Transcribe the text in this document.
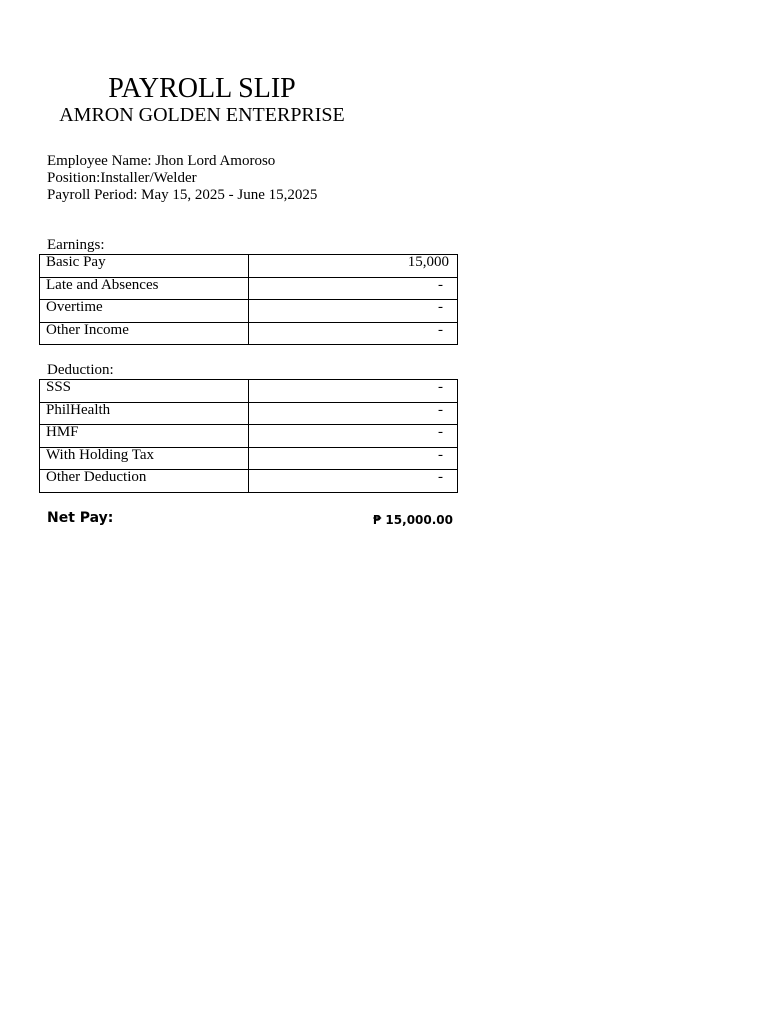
PAYROLL SLIP
AMRON GOLDEN ENTERPRISE
Employee Name: Jhon Lord Amoroso
Position:Installer/Welder
Payroll Period: May 15, 2025 - June 15,2025
Earnings:
Basic Pay	15,000
Late and Absences	-
Overtime	-
Other Income	-
Deduction:
SSS	-
PhilHealth	-
HMF	-
With Holding Tax	-
Other Deduction	-
Net Pay:	₱ 15,000.00
